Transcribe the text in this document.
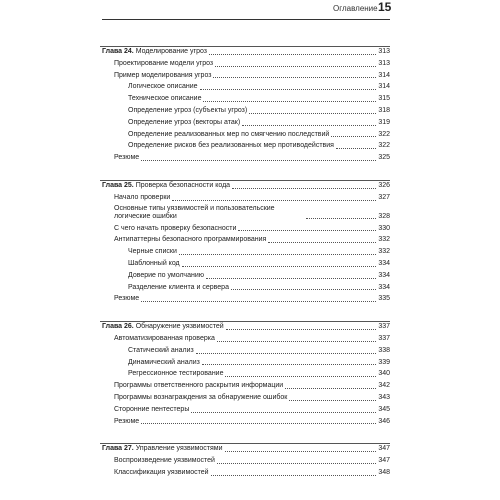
Оглавление 15
Глава 24. Моделирование угроз	313
Проектирование модели угроз	313
Пример моделирования угроз	314
Логическое описание	314
Техническое описание	315
Определение угроз (субъекты угроз)	318
Определение угроз (векторы атак)	319
Определение реализованных мер по смягчению последствий	322
Определение рисков без реализованных мер противодействия	322
Резюме	325
Глава 25. Проверка безопасности кода	326
Начало проверки	327
Основные типы уязвимостей и пользовательские логические ошибки	328
С чего начать проверку безопасности	330
Антипаттерны безопасного программирования	332
Черные списки	332
Шаблонный код	334
Доверие по умолчанию	334
Разделение клиента и сервера	334
Резюме	335
Глава 26. Обнаружение уязвимостей	337
Автоматизированная проверка	337
Статический анализ	338
Динамический анализ	339
Регрессионное тестирование	340
Программы ответственного раскрытия информации	342
Программы вознаграждения за обнаружение ошибок	343
Сторонние пентестеры	345
Резюме	346
Глава 27. Управление уязвимостями	347
Воспроизведение уязвимостей	347
Классификация уязвимостей	348
